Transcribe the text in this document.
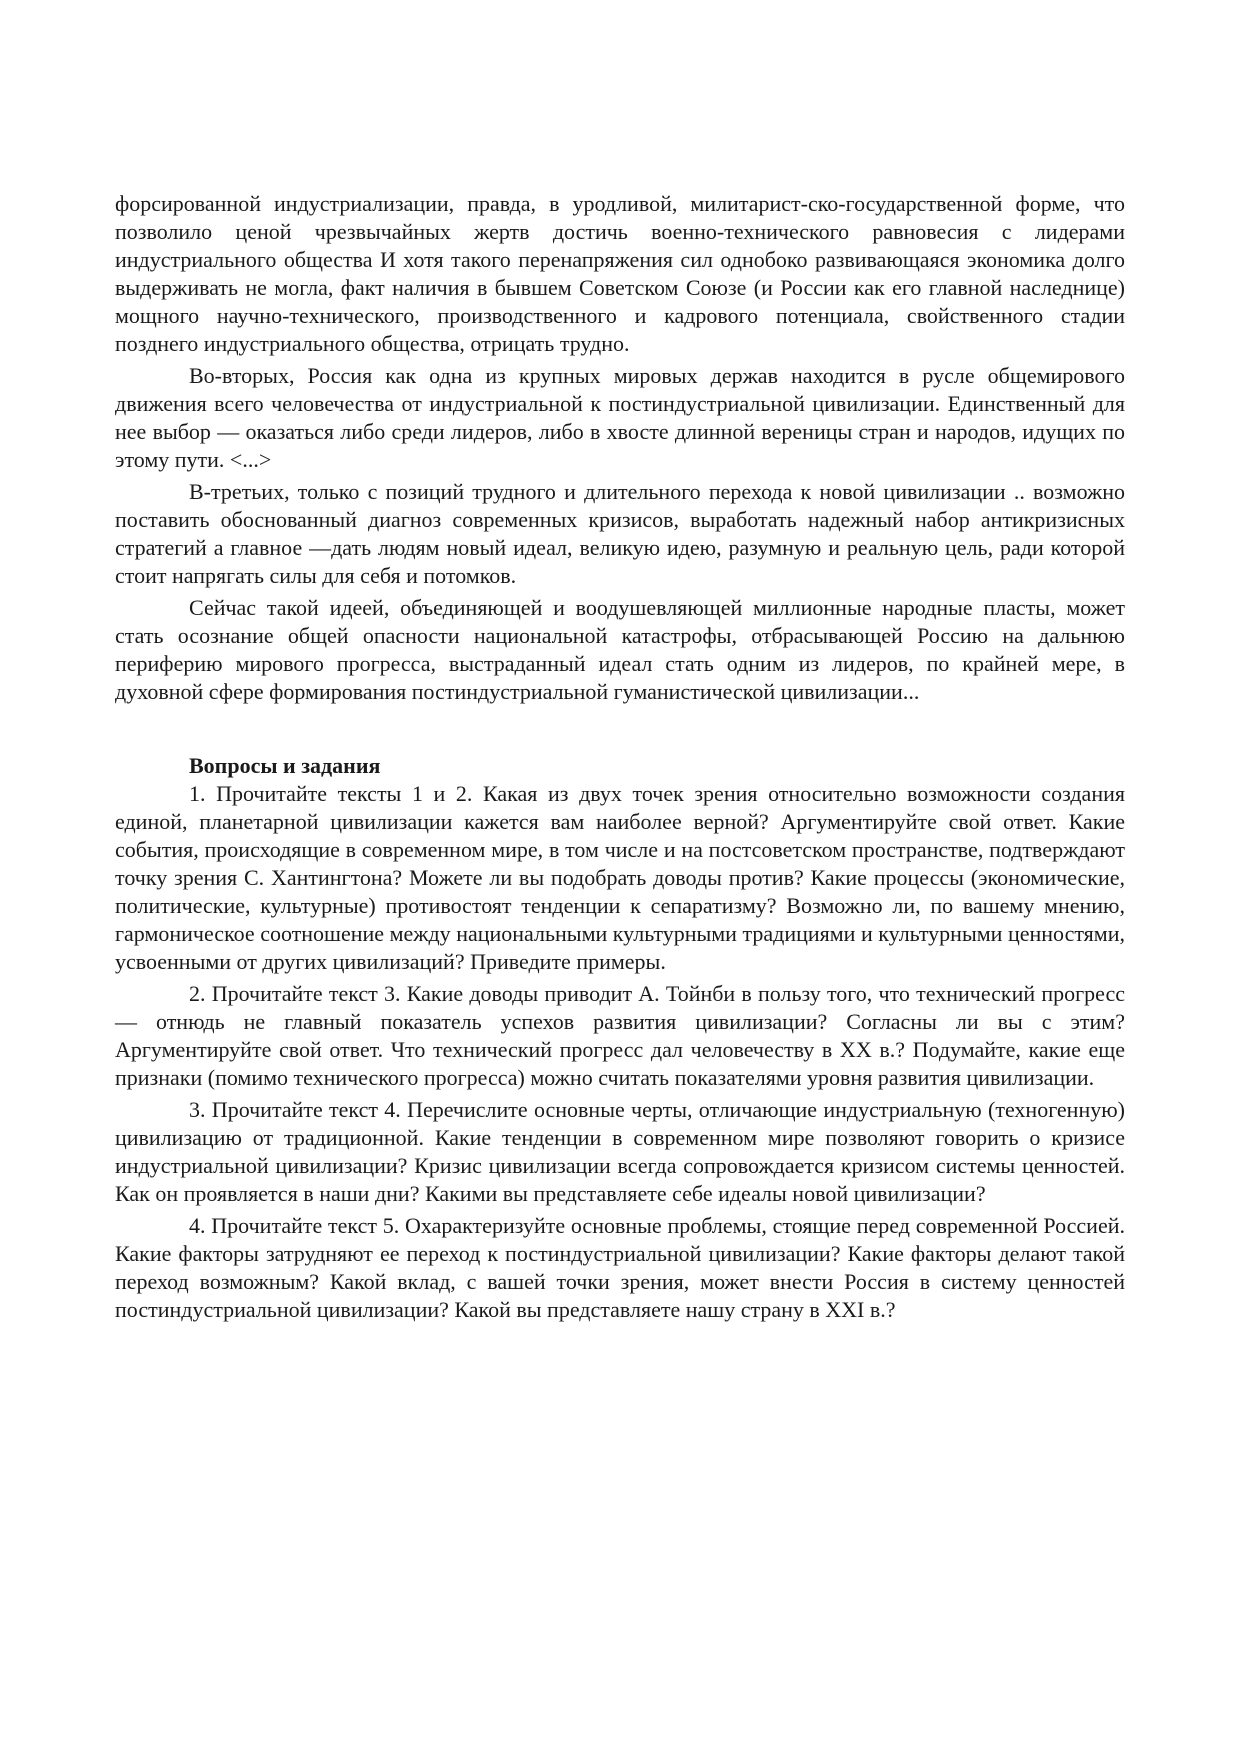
форсированной индустриализации, правда, в уродливой, милитарист-ско-государственной форме, что позволило ценой чрезвычайных жертв достичь военно-технического равновесия с лидерами индустриального общества И хотя такого перенапряжения сил однобоко развивающаяся экономика долго выдерживать не могла, факт наличия в бывшем Советском Союзе (и России как его главной наследнице) мощного научно-технического, производственного и кадрового потенциала, свойственного стадии позднего индустриального общества, отрицать трудно.

Во-вторых, Россия как одна из крупных мировых держав находится в русле общемирового движения всего человечества от индустриальной к постиндустриальной цивилизации. Единственный для нее выбор — оказаться либо среди лидеров, либо в хвосте длинной вереницы стран и народов, идущих по этому пути. <...>

В-третьих, только с позиций трудного и длительного перехода к новой цивилизации .. возможно поставить обоснованный диагноз современных кризисов, выработать надежный набор антикризисных стратегий а главное —дать людям новый идеал, великую идею, разумную и реальную цель, ради которой стоит напрягать силы для себя и потомков.

Сейчас такой идеей, объединяющей и воодушевляющей миллионные народные пласты, может стать осознание общей опасности национальной катастрофы, отбрасывающей Россию на дальнюю периферию мирового прогресса, выстраданный идеал стать одним из лидеров, по крайней мере, в духовной сфере формирования постиндустриальной гуманистической цивилизации...

Вопросы и задания

1. Прочитайте тексты 1 и 2. Какая из двух точек зрения относительно возможности создания единой, планетарной цивилизации кажется вам наиболее верной? Аргументируйте свой ответ. Какие события, происходящие в современном мире, в том числе и на постсоветском пространстве, подтверждают точку зрения С. Хантингтона? Можете ли вы подобрать доводы против? Какие процессы (экономические, политические, культурные) противостоят тенденции к сепаратизму? Возможно ли, по вашему мнению, гармоническое соотношение между национальными культурными традициями и культурными ценностями, усвоенными от других цивилизаций? Приведите примеры.

2. Прочитайте текст 3. Какие доводы приводит А. Тойнби в пользу того, что технический прогресс — отнюдь не главный показатель успехов развития цивилизации? Согласны ли вы с этим? Аргументируйте свой ответ. Что технический прогресс дал человечеству в XX в.? Подумайте, какие еще признаки (помимо технического прогресса) можно считать показателями уровня развития цивилизации.

3. Прочитайте текст 4. Перечислите основные черты, отличающие индустриальную (техногенную) цивилизацию от традиционной. Какие тенденции в современном мире позволяют говорить о кризисе индустриальной цивилизации? Кризис цивилизации всегда сопровождается кризисом системы ценностей. Как он проявляется в наши дни? Какими вы представляете себе идеалы новой цивилизации?

4. Прочитайте текст 5. Охарактеризуйте основные проблемы, стоящие перед современной Россией. Какие факторы затрудняют ее переход к постиндустриальной цивилизации? Какие факторы делают такой переход возможным? Какой вклад, с вашей точки зрения, может внести Россия в систему ценностей постиндустриальной цивилизации? Какой вы представляете нашу страну в XXI в.?
